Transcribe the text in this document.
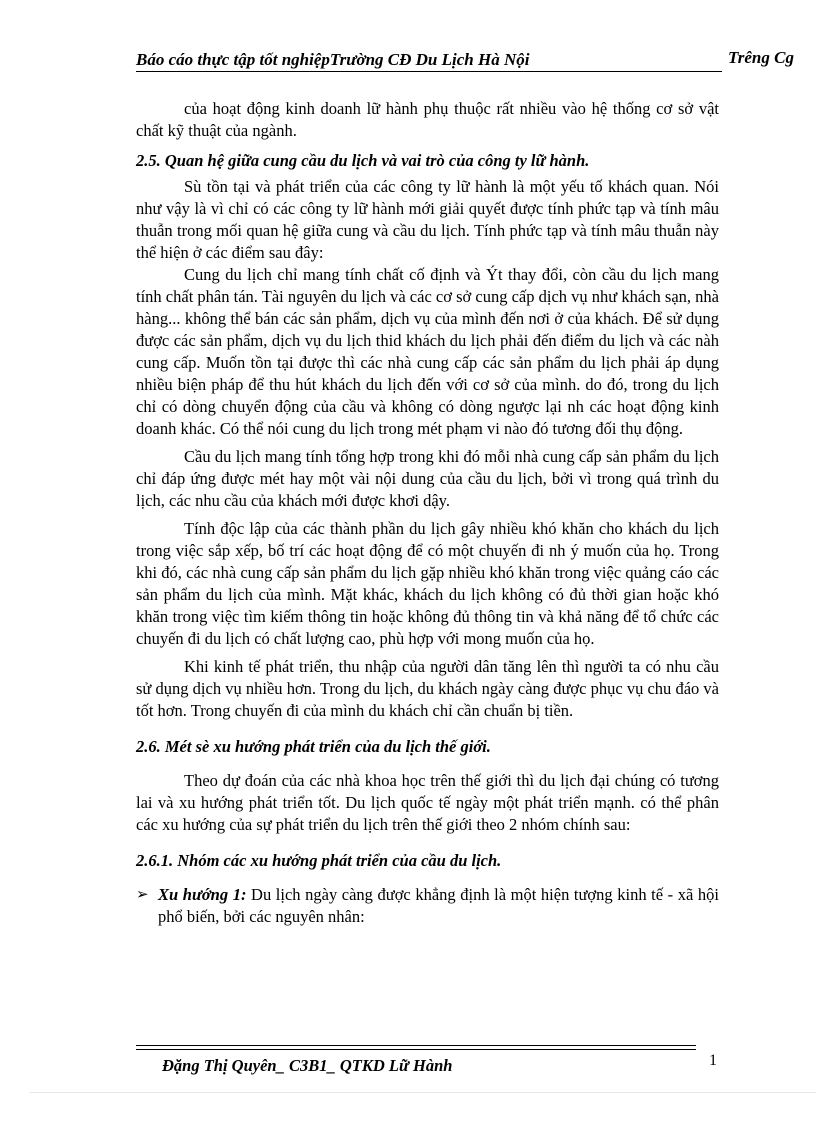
Báo cáo thực tập tốt nghiệpTrường CĐ Du Lịch Hà Nội	Trêng Cg

của hoạt động kinh doanh lữ hành phụ thuộc rất nhiều vào hệ thống cơ sở vật chất kỹ thuật của ngành.

2.5. Quan hệ giữa cung cầu du lịch và vai trò của công ty lữ hành.

Sù tồn tại và phát triển của các công ty lữ hành là một yếu tố khách quan. Nói như vậy là vì chỉ có các công ty lữ hành mới giải quyết được tính phức tạp và tính mâu thuẫn trong mối quan hệ giữa cung và cầu du lịch. Tính phức tạp và tính mâu thuẫn này thể hiện ở các điểm sau đây:

Cung du lịch chỉ mang tính chất cố định và Ýt thay đổi, còn cầu du lịch mang tính chất phân tán. Tài nguyên du lịch và các cơ sở cung cấp dịch vụ như khách sạn, nhà hàng... không thể bán các sản phẩm, dịch vụ của mình đến nơi ở của khách. Để sử dụng được các sản phẩm, dịch vụ du lịch thid khách du lịch phải đến điểm du lịch và các nàh cung cấp. Muốn tồn tại được thì các nhà cung cấp các sản phẩm du lịch phải áp dụng nhiều biện pháp để thu hút khách du lịch đến với cơ sở của mình. do đó, trong du lịch chỉ có dòng chuyển động của cầu và không có dòng ngược lại nh các hoạt động kinh doanh khác. Có thể nói cung du lịch trong mét phạm vi nào đó tương đối thụ động.

Cầu du lịch mang tính tổng hợp trong khi đó mỗi nhà cung cấp sản phẩm du lịch chỉ đáp ứng được mét hay một vài nội dung của cầu du lịch, bởi vì trong quá trình du lịch, các nhu cầu của khách mới được khơi dậy.

Tính độc lập của các thành phần du lịch gây nhiều khó khăn cho khách du lịch trong việc sắp xếp, bố trí các hoạt động để có một chuyến đi nh ý muốn của họ. Trong khi đó, các nhà cung cấp sản phẩm du lịch gặp nhiều khó khăn trong việc quảng cáo các sản phẩm du lịch của mình. Mặt khác, khách du lịch không có đủ thời gian hoặc khó khăn trong việc tìm kiếm thông tin hoặc không đủ thông tin và khả năng để tổ chức các chuyến đi du lịch có chất lượng cao, phù hợp với mong muốn của họ.

Khi kinh tế phát triển, thu nhập của người dân tăng lên thì người ta có nhu cầu sử dụng dịch vụ nhiều hơn. Trong du lịch, du khách ngày càng được phục vụ chu đáo và tốt hơn. Trong chuyến đi của mình du khách chỉ cần chuẩn bị tiền.

2.6. Mét sè xu hướng phát triển của du lịch thế giới.

Theo dự đoán của các nhà khoa học trên thế giới thì du lịch đại chúng có tương lai và xu hướng phát triển tốt. Du lịch quốc tế ngày một phát triển mạnh. có thể phân các xu hướng của sự phát triển du lịch trên thế giới theo 2 nhóm chính sau:

2.6.1. Nhóm các xu hướng phát triển của cầu du lịch.
➢ Xu hướng 1: Du lịch ngày càng được khẳng định là một hiện tượng kinh tế - xã hội phổ biến, bởi các nguyên nhân:
Đặng Thị Quyên_ C3B1_ QTKD Lữ Hành	1
